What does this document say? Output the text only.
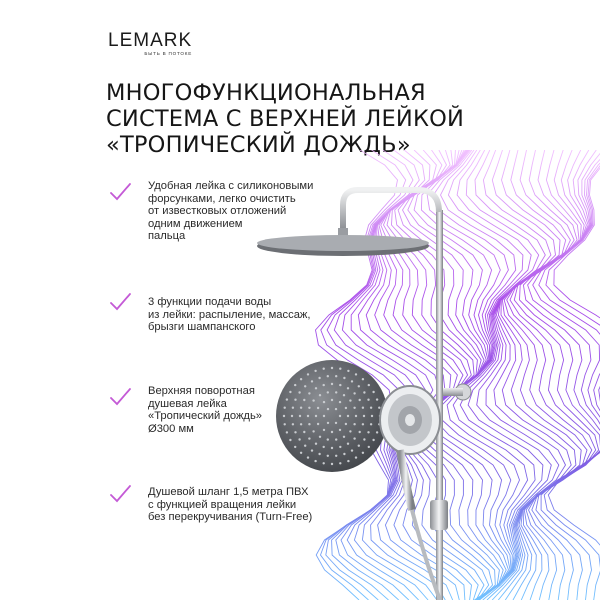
LEMARK
БЫТЬ В ПОТОКЕ
МНОГОФУНКЦИОНАЛЬНАЯ
СИСТЕМА С ВЕРХНЕЙ ЛЕЙКОЙ
«ТРОПИЧЕСКИЙ ДОЖДЬ»
Удобная лейка с силиконовыми
форсунками, легко очистить
от известковых отложений
одним движением
пальца
3 функции подачи воды
из лейки: распыление, массаж,
брызги шампанского
Верхняя поворотная
душевая лейка
«Тропический дождь»
Ø300 мм
Душевой шланг 1,5 метра ПВХ
с функцией вращения лейки
без перекручивания (Turn-Free)
